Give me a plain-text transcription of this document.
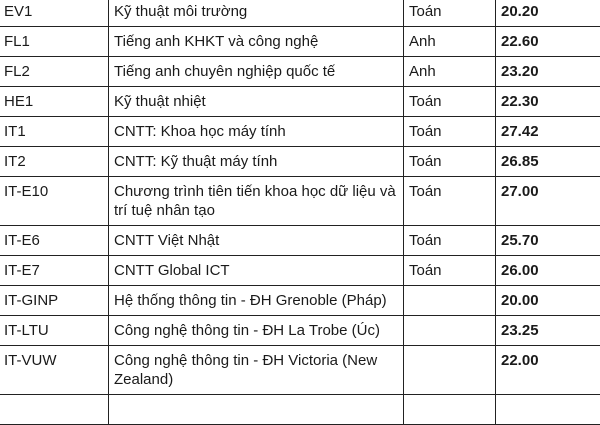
EV1	Kỹ thuật môi trường	Toán	20.20
FL1	Tiếng anh KHKT và công nghệ	Anh	22.60
FL2	Tiếng anh chuyên nghiệp quốc tế	Anh	23.20
HE1	Kỹ thuật nhiệt	Toán	22.30
IT1	CNTT: Khoa học máy tính	Toán	27.42
IT2	CNTT: Kỹ thuật máy tính	Toán	26.85
IT-E10	Chương trình tiên tiến khoa học dữ liệu và trí tuệ nhân tạo	Toán	27.00
IT-E6	CNTT Việt Nhật	Toán	25.70
IT-E7	CNTT Global ICT	Toán	26.00
IT-GINP	Hệ thống thông tin - ĐH Grenoble (Pháp)		20.00
IT-LTU	Công nghệ thông tin - ĐH La Trobe (Úc)		23.25
IT-VUW	Công nghệ thông tin - ĐH Victoria (New Zealand)		22.00
